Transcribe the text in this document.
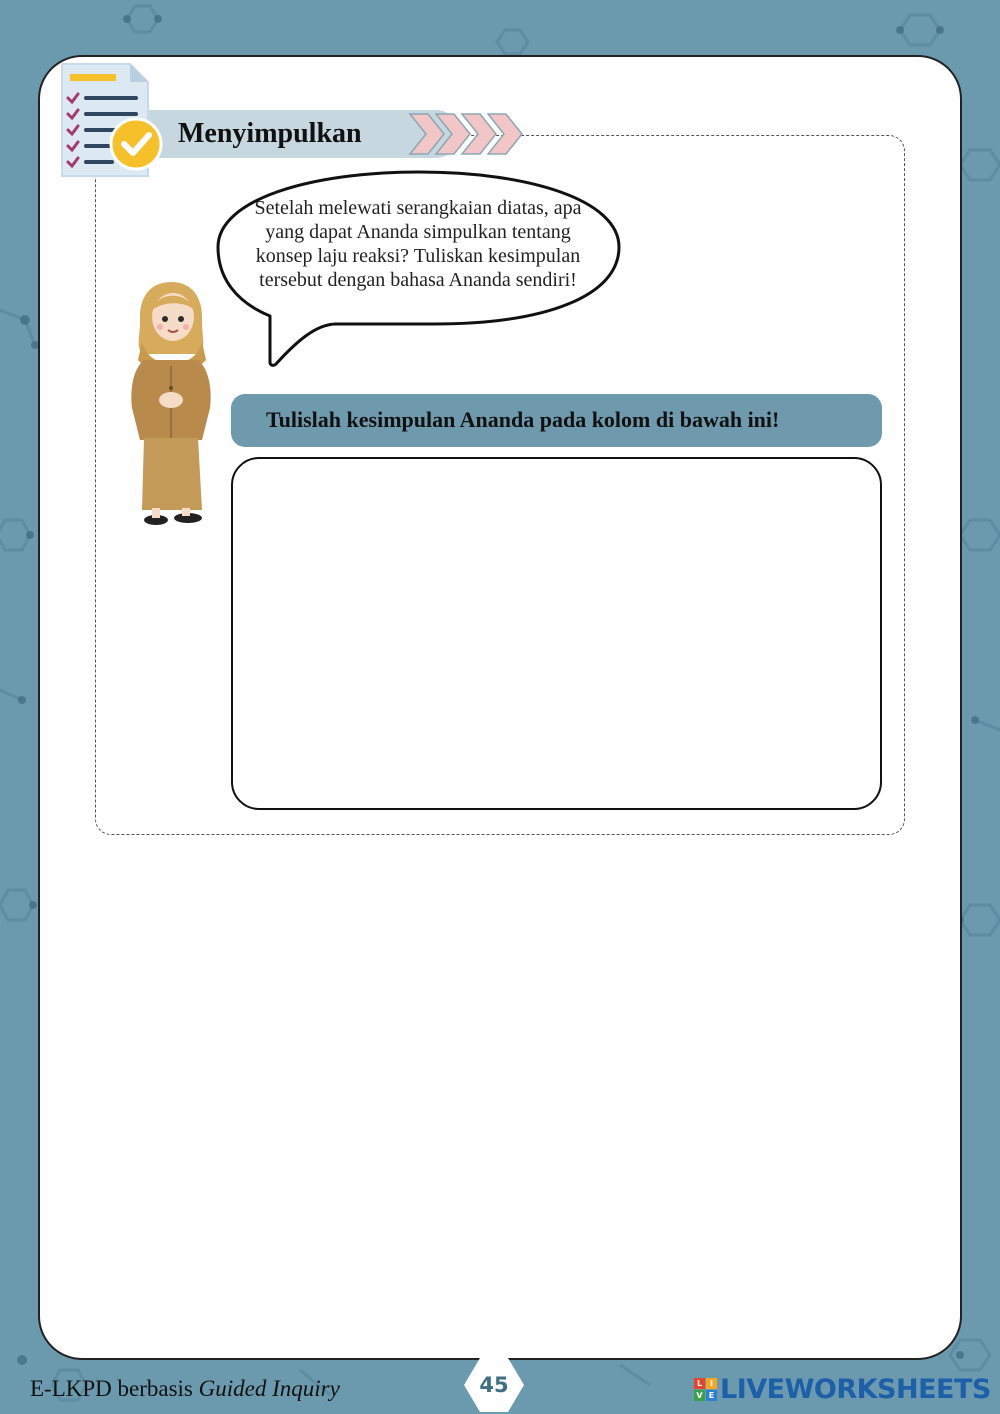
Menyimpulkan
Setelah melewati serangkaian diatas, apa
yang dapat Ananda simpulkan tentang
konsep laju reaksi? Tuliskan kesimpulan
tersebut dengan bahasa Ananda sendiri!
Tulislah kesimpulan Ananda pada kolom di bawah ini!
E-LKPD berbasis Guided Inquiry	45	L I
V E LIVEWORKSHEETS
